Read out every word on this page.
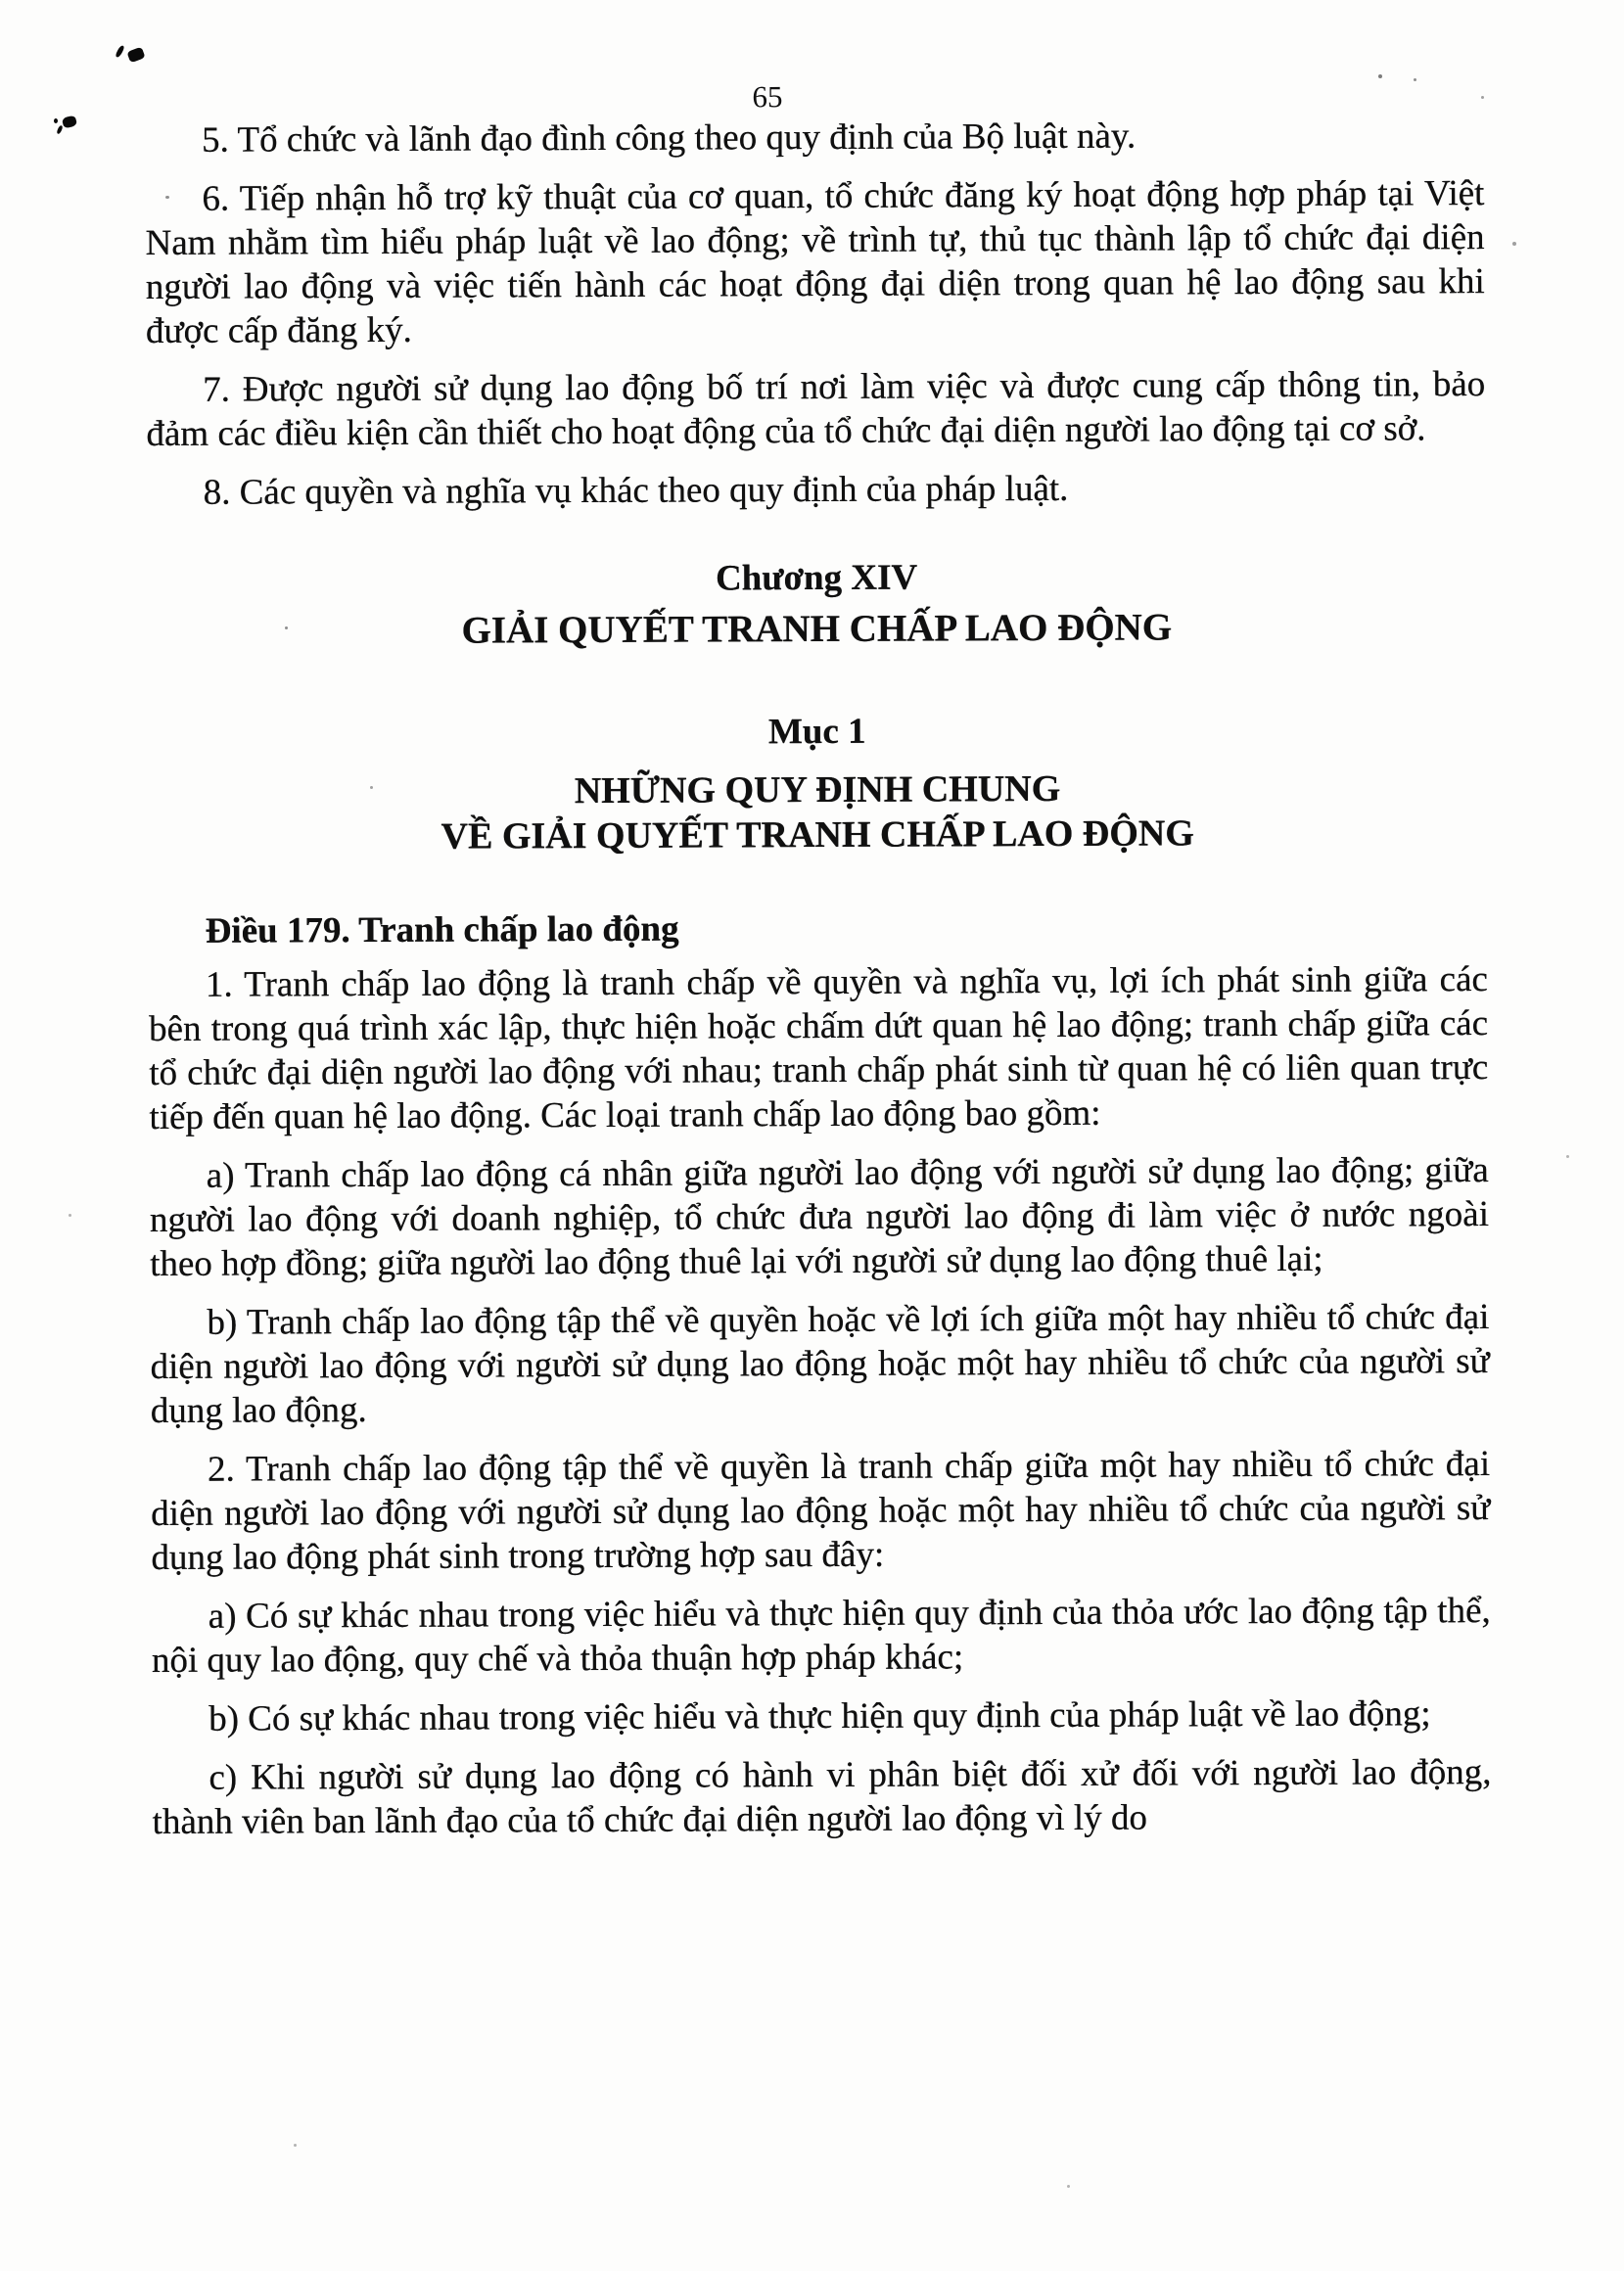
65

5. Tổ chức và lãnh đạo đình công theo quy định của Bộ luật này.

6. Tiếp nhận hỗ trợ kỹ thuật của cơ quan, tổ chức đăng ký hoạt động hợp pháp tại Việt Nam nhằm tìm hiểu pháp luật về lao động; về trình tự, thủ tục thành lập tổ chức đại diện người lao động và việc tiến hành các hoạt động đại diện trong quan hệ lao động sau khi được cấp đăng ký.

7. Được người sử dụng lao động bố trí nơi làm việc và được cung cấp thông tin, bảo đảm các điều kiện cần thiết cho hoạt động của tổ chức đại diện người lao động tại cơ sở.

8. Các quyền và nghĩa vụ khác theo quy định của pháp luật.

Chương XIV
GIẢI QUYẾT TRANH CHẤP LAO ĐỘNG
Mục 1
NHỮNG QUY ĐỊNH CHUNG
VỀ GIẢI QUYẾT TRANH CHẤP LAO ĐỘNG
Điều 179. Tranh chấp lao động

1. Tranh chấp lao động là tranh chấp về quyền và nghĩa vụ, lợi ích phát sinh giữa các bên trong quá trình xác lập, thực hiện hoặc chấm dứt quan hệ lao động; tranh chấp giữa các tổ chức đại diện người lao động với nhau; tranh chấp phát sinh từ quan hệ có liên quan trực tiếp đến quan hệ lao động. Các loại tranh chấp lao động bao gồm:

a) Tranh chấp lao động cá nhân giữa người lao động với người sử dụng lao động; giữa người lao động với doanh nghiệp, tổ chức đưa người lao động đi làm việc ở nước ngoài theo hợp đồng; giữa người lao động thuê lại với người sử dụng lao động thuê lại;

b) Tranh chấp lao động tập thể về quyền hoặc về lợi ích giữa một hay nhiều tổ chức đại diện người lao động với người sử dụng lao động hoặc một hay nhiều tổ chức của người sử dụng lao động.

2. Tranh chấp lao động tập thể về quyền là tranh chấp giữa một hay nhiều tổ chức đại diện người lao động với người sử dụng lao động hoặc một hay nhiều tổ chức của người sử dụng lao động phát sinh trong trường hợp sau đây:

a) Có sự khác nhau trong việc hiểu và thực hiện quy định của thỏa ước lao động tập thể, nội quy lao động, quy chế và thỏa thuận hợp pháp khác;

b) Có sự khác nhau trong việc hiểu và thực hiện quy định của pháp luật về lao động;

c) Khi người sử dụng lao động có hành vi phân biệt đối xử đối với người lao động, thành viên ban lãnh đạo của tổ chức đại diện người lao động vì lý do
